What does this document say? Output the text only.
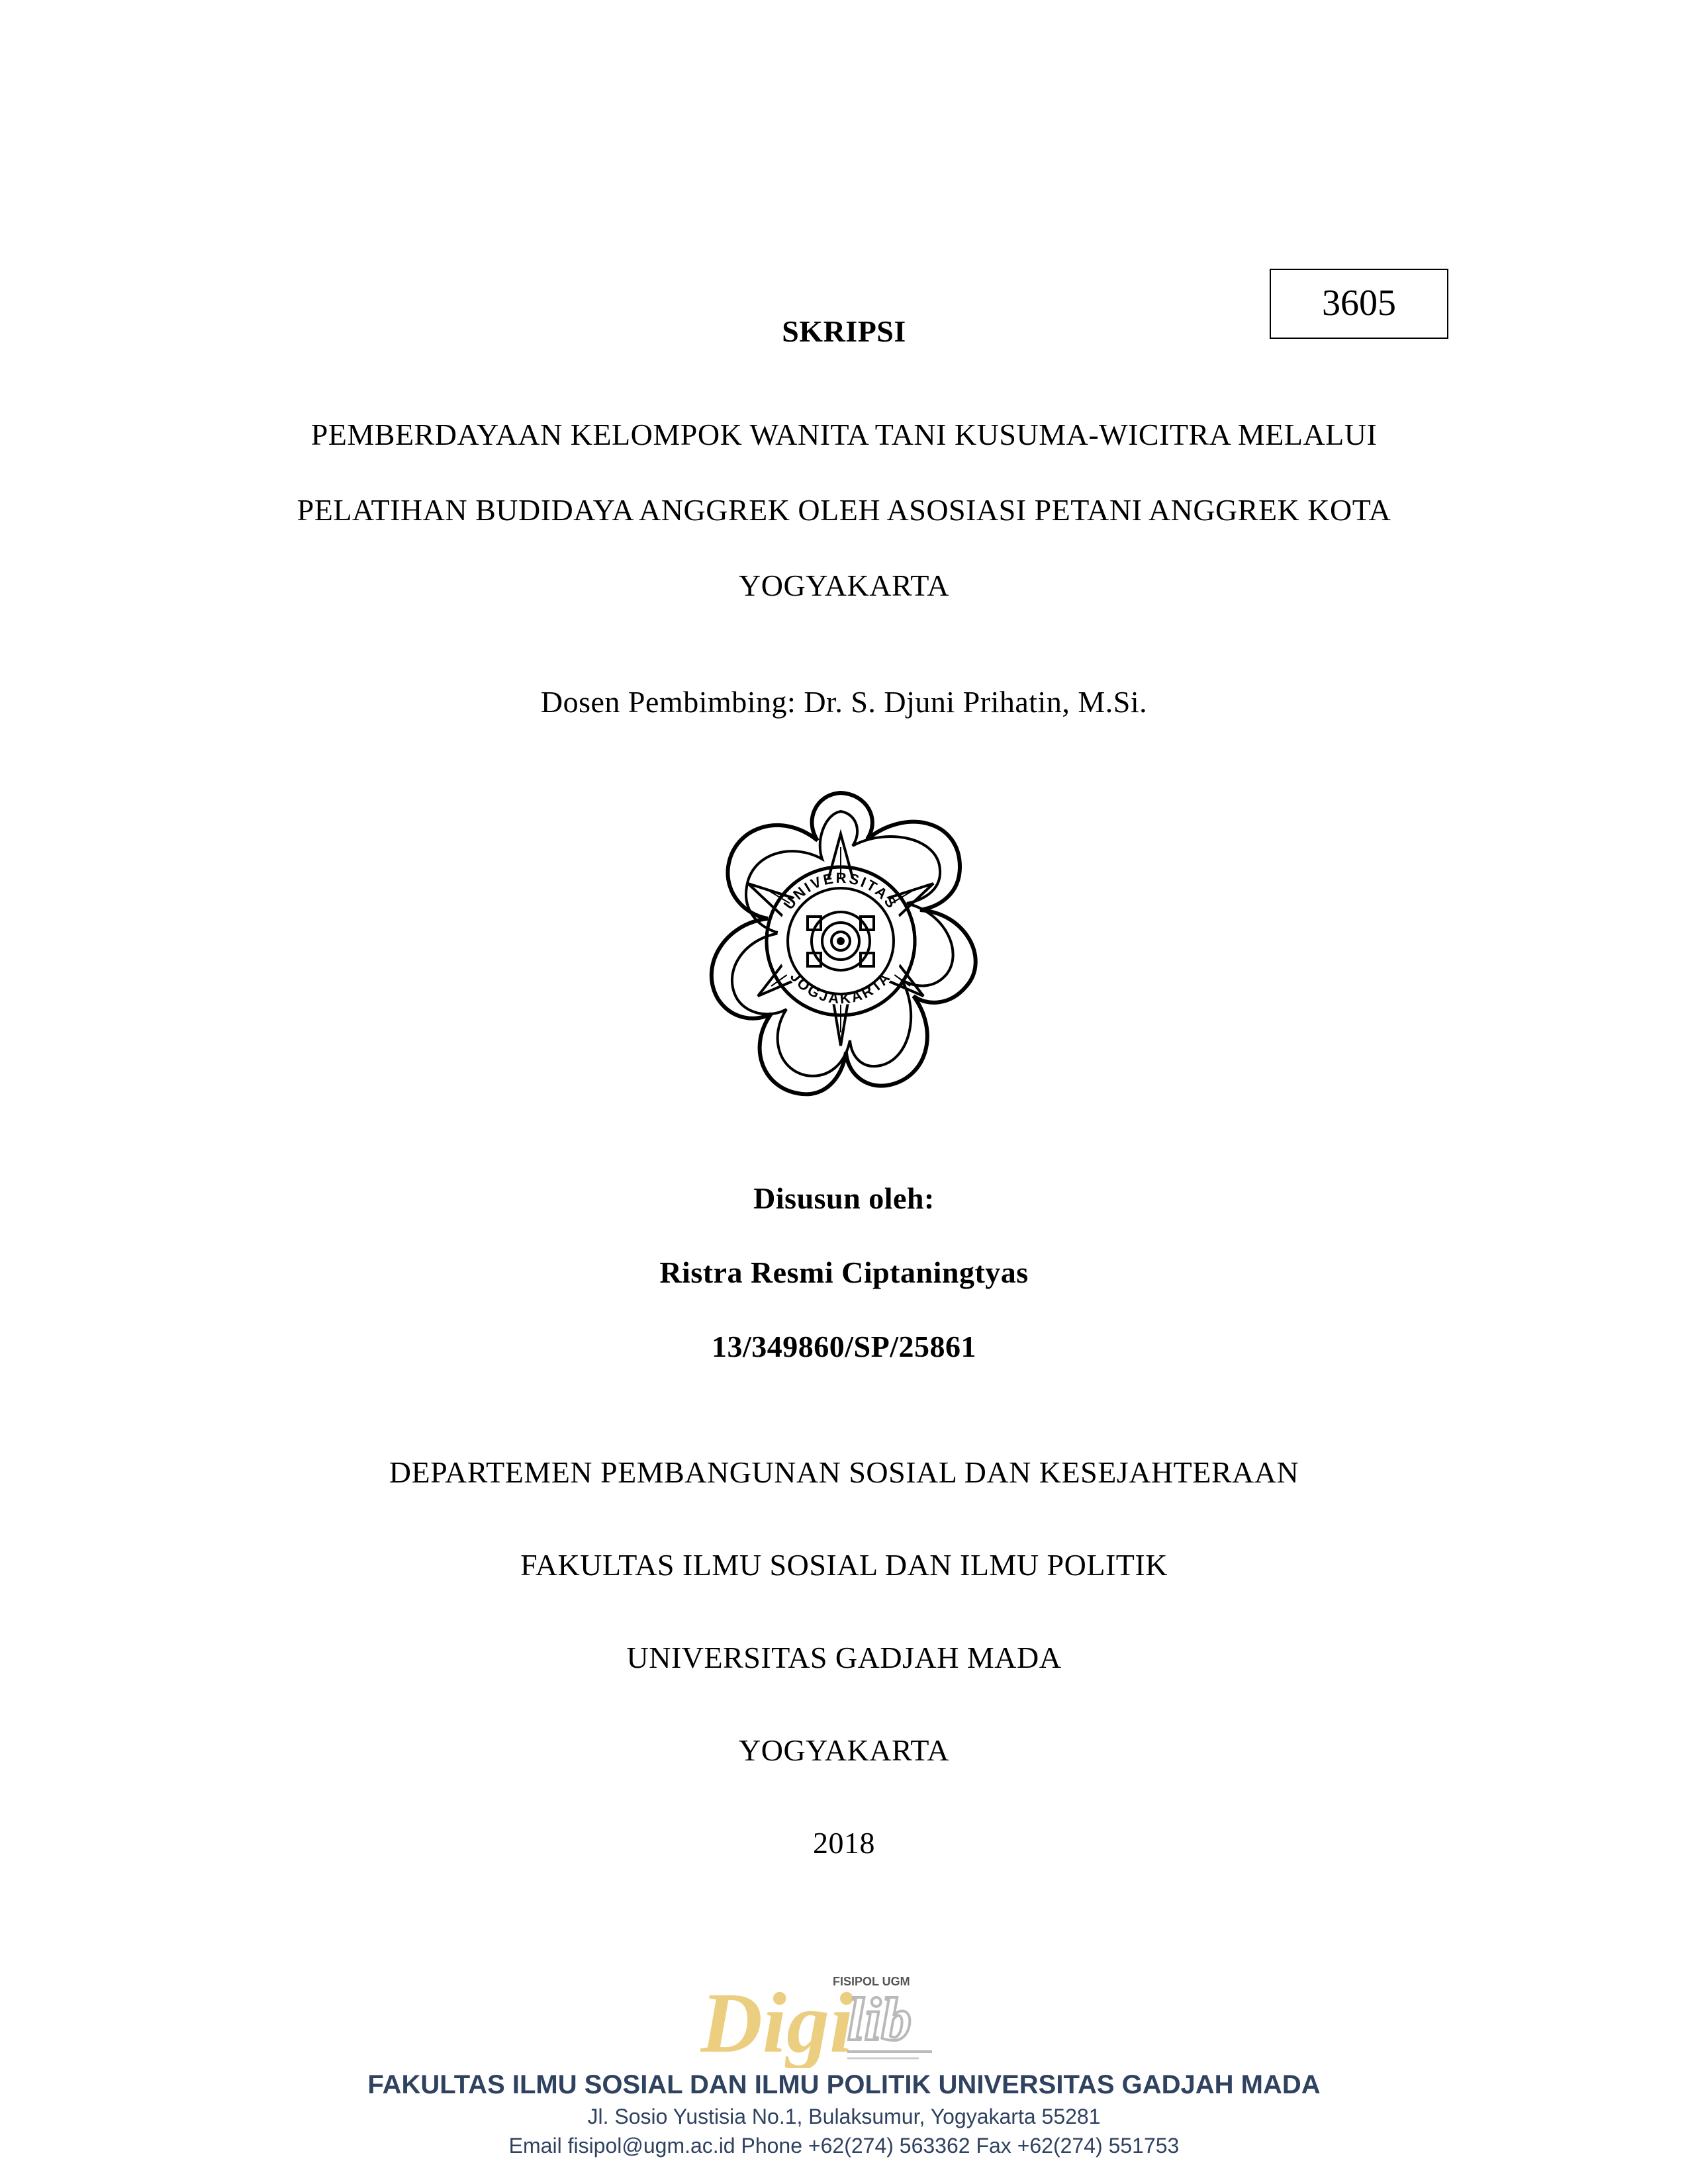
3605
SKRIPSI
PEMBERDAYAAN KELOMPOK WANITA TANI KUSUMA-WICITRA MELALUI
PELATIHAN BUDIDAYA ANGGREK OLEH ASOSIASI PETANI ANGGREK KOTA
YOGYAKARTA
Dosen Pembimbing: Dr. S. Djuni Prihatin, M.Si.
UNIVERSITAS
JOGJAKARTA
Disusun oleh:
Ristra Resmi Ciptaningtyas
13/349860/SP/25861
DEPARTEMEN PEMBANGUNAN SOSIAL DAN KESEJAHTERAAN
FAKULTAS ILMU SOSIAL DAN ILMU POLITIK
UNIVERSITAS GADJAH MADA
YOGYAKARTA
2018
FISIPOL UGM
Digi
lib
FAKULTAS ILMU SOSIAL DAN ILMU POLITIK UNIVERSITAS GADJAH MADA
Jl. Sosio Yustisia No.1, Bulaksumur, Yogyakarta 55281
Email fisipol@ugm.ac.id Phone +62(274) 563362 Fax +62(274) 551753
